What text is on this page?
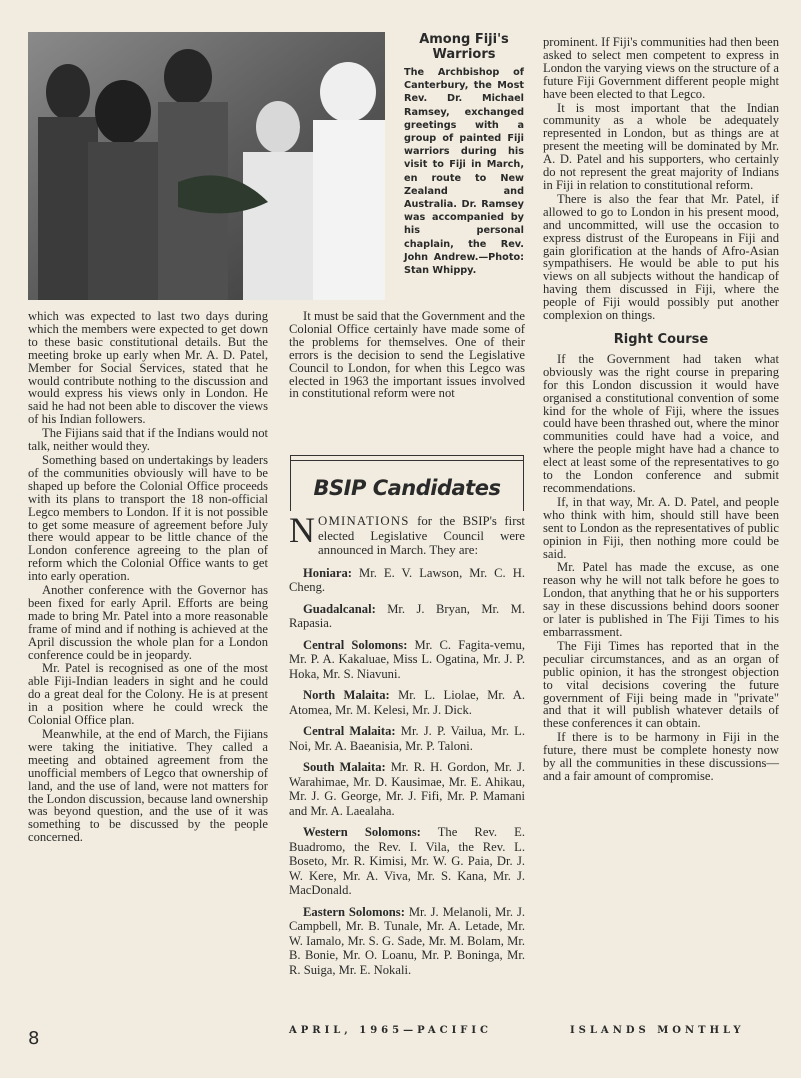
Among Fiji's Warriors

The Archbishop of Canterbury, the Most Rev. Dr. Michael Ramsey, exchanged greetings with a group of painted Fiji warriors during his visit to Fiji in March, en route to New Zealand and Australia. Dr. Ramsey was accompanied by his personal chaplain, the Rev. John Andrew.—Photo: Stan Whippy.

which was expected to last two days during which the members were expected to get down to these basic constitutional details. But the meeting broke up early when Mr. A. D. Patel, Member for Social Services, stated that he would contribute nothing to the discussion and would express his views only in London. He said he had not been able to discover the views of his Indian followers.

The Fijians said that if the Indians would not talk, neither would they.

Something based on undertakings by leaders of the communities obviously will have to be shaped up before the Colonial Office proceeds with its plans to transport the 18 non-official Legco members to London. If it is not possible to get some measure of agreement before July there would appear to be little chance of the London conference agreeing to the plan of reform which the Colonial Office wants to get into early operation.

Another conference with the Governor has been fixed for early April. Efforts are being made to bring Mr. Patel into a more reasonable frame of mind and if nothing is achieved at the April discussion the whole plan for a London conference could be in jeopardy.

Mr. Patel is recognised as one of the most able Fiji-Indian leaders in sight and he could do a great deal for the Colony. He is at present in a position where he could wreck the Colonial Office plan.

Meanwhile, at the end of March, the Fijians were taking the initiative. They called a meeting and obtained agreement from the unofficial members of Legco that ownership of land, and the use of land, were not matters for the London discussion, because land ownership was beyond question, and the use of it was something to be discussed by the people concerned.

It must be said that the Government and the Colonial Office certainly have made some of the problems for themselves. One of their errors is the decision to send the Legislative Council to London, for when this Legco was elected in 1963 the important issues involved in constitutional reform were not

BSIP Candidates

NOMINATIONS for the BSIP's first elected Legislative Council were announced in March. They are:

Honiara: Mr. E. V. Lawson, Mr. C. H. Cheng.

Guadalcanal: Mr. J. Bryan, Mr. M. Rapasia.

Central Solomons: Mr. C. Fagita-vemu, Mr. P. A. Kakaluae, Miss L. Ogatina, Mr. J. P. Hoka, Mr. S. Niavuni.

North Malaita: Mr. L. Liolae, Mr. A. Atomea, Mr. M. Kelesi, Mr. J. Dick.

Central Malaita: Mr. J. P. Vailua, Mr. L. Noi, Mr. A. Baeanisia, Mr. P. Taloni.

South Malaita: Mr. R. H. Gordon, Mr. J. Warahimae, Mr. D. Kausimae, Mr. E. Ahikau, Mr. J. G. George, Mr. J. Fifi, Mr. P. Mamani and Mr. A. Laealaha.

Western Solomons: The Rev. E. Buadromo, the Rev. I. Vila, the Rev. L. Boseto, Mr. R. Kimisi, Mr. W. G. Paia, Dr. J. W. Kere, Mr. A. Viva, Mr. S. Kana, Mr. J. MacDonald.

Eastern Solomons: Mr. J. Melanoli, Mr. J. Campbell, Mr. B. Tunale, Mr. A. Letade, Mr. W. Iamalo, Mr. S. G. Sade, Mr. M. Bolam, Mr. B. Bonie, Mr. O. Loanu, Mr. P. Boninga, Mr. R. Suiga, Mr. E. Nokali.

prominent. If Fiji's communities had then been asked to select men competent to express in London the varying views on the structure of a future Fiji Government different people might have been elected to that Legco.

It is most important that the Indian community as a whole be adequately represented in London, but as things are at present the meeting will be dominated by Mr. A. D. Patel and his supporters, who certainly do not represent the great majority of Indians in Fiji in relation to constitutional reform.

There is also the fear that Mr. Patel, if allowed to go to London in his present mood, and uncommitted, will use the occasion to express distrust of the Europeans in Fiji and gain glorification at the hands of Afro-Asian sympathisers. He would be able to put his views on all subjects without the handicap of having them discussed in Fiji, where the people of Fiji would possibly put another complexion on things.

Right Course

If the Government had taken what obviously was the right course in preparing for this London discussion it would have organised a constitutional convention of some kind for the whole of Fiji, where the issues could have been thrashed out, where the minor communities could have had a voice, and where the people might have had a chance to elect at least some of the representatives to go to the London conference and submit recommendations.

If, in that way, Mr. A. D. Patel, and people who think with him, should still have been sent to London as the representatives of public opinion in Fiji, then nothing more could be said.

Mr. Patel has made the excuse, as one reason why he will not talk before he goes to London, that anything that he or his supporters say in these discussions behind doors sooner or later is published in The Fiji Times to his embarrassment.

The Fiji Times has reported that in the peculiar circumstances, and as an organ of public opinion, it has the strongest objection to vital decisions covering the future government of Fiji being made in "private" and that it will publish whatever details of these conferences it can obtain.

If there is to be harmony in Fiji in the future, there must be complete honesty now by all the communities in these discussions—and a fair amount of compromise.

8	APRIL, 1965—PACIFIC	ISLANDS MONTHLY
